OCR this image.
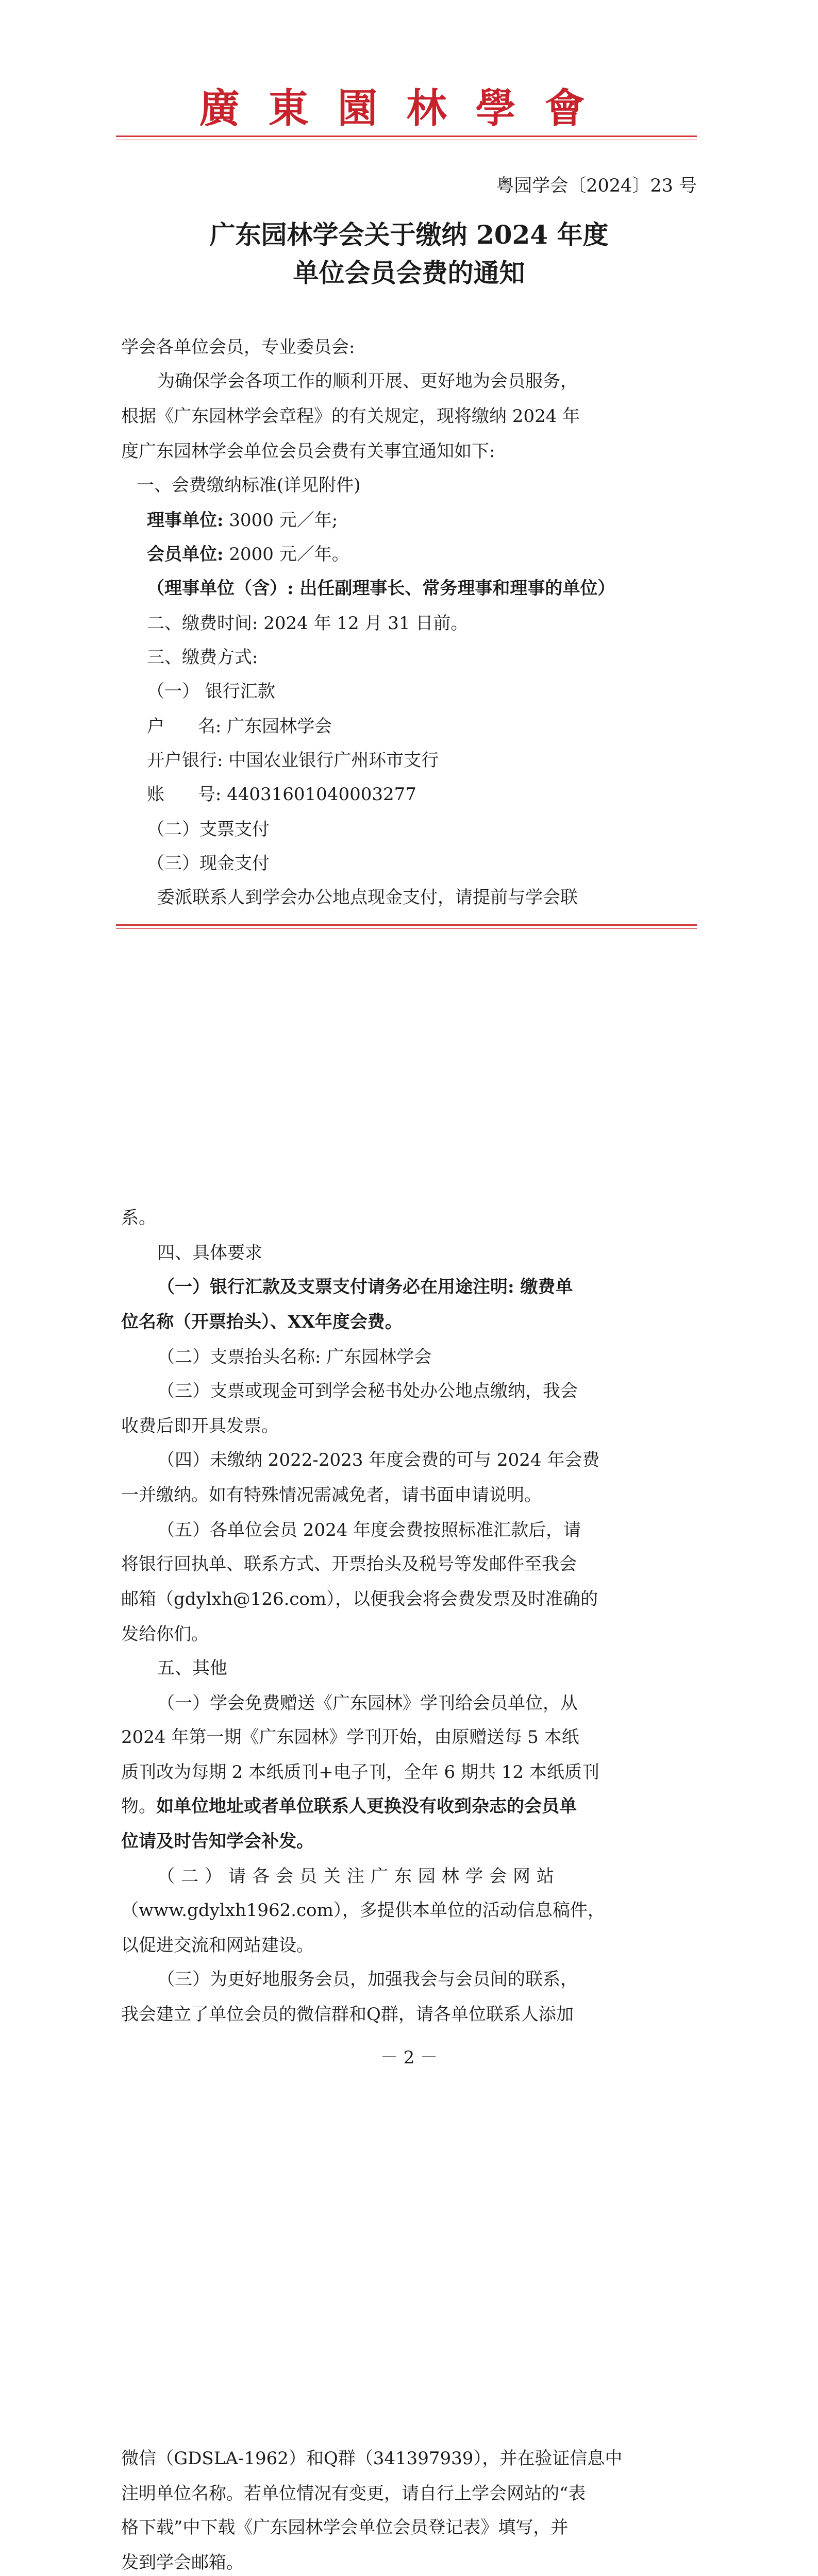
廣東園林學會
粤园学会〔2024〕23 号
广东园林学会关于缴纳 2024 年度
单位会员会费的通知
学会各单位会员，专业委员会:
为确保学会各项工作的顺利开展、更好地为会员服务，
根据《广东园林学会章程》的有关规定，现将缴纳 2024 年
度广东园林学会单位会员会费有关事宜通知如下:
一、会费缴纳标准(详见附件)
理事单位: 3000 元／年;
会员单位: 2000 元／年。
（理事单位（含）: 出任副理事长、常务理事和理事的单位）
二、缴费时间: 2024 年 12 月 31 日前。
三、缴费方式:
（一） 银行汇款
户      名: 广东园林学会
开户银行: 中国农业银行广州环市支行
账      号: 44031601040003277
（二）支票支付
（三）现金支付
委派联系人到学会办公地点现金支付，请提前与学会联
系。
四、具体要求
（一）银行汇款及支票支付请务必在用途注明: 缴费单
位名称（开票抬头）、XX年度会费。
（二）支票抬头名称: 广东园林学会
（三）支票或现金可到学会秘书处办公地点缴纳，我会
收费后即开具发票。
（四）未缴纳 2022-2023 年度会费的可与 2024 年会费
一并缴纳。如有特殊情况需减免者，请书面申请说明。
（五）各单位会员 2024 年度会费按照标准汇款后，请
将银行回执单、联系方式、开票抬头及税号等发邮件至我会
邮箱（gdylxh@126.com），以便我会将会费发票及时准确的
发给你们。
五、其他
（一）学会免费赠送《广东园林》学刊给会员单位，从
2024 年第一期《广东园林》学刊开始，由原赠送每 5 本纸
质刊改为每期 2 本纸质刊+电子刊，全年 6 期共 12 本纸质刊
物。如单位地址或者单位联系人更换没有收到杂志的会员单
位请及时告知学会补发。
（二）请各会员关注广东园林学会网站
（www.gdylxh1962.com），多提供本单位的活动信息稿件，
以促进交流和网站建设。
（三）为更好地服务会员，加强我会与会员间的联系，
我会建立了单位会员的微信群和Q群，请各单位联系人添加
－ 2 －
微信（GDSLA-1962）和Q群（341397939），并在验证信息中
注明单位名称。若单位情况有变更，请自行上学会网站的“表
格下载”中下载《广东园林学会单位会员登记表》填写，并
发到学会邮箱。
